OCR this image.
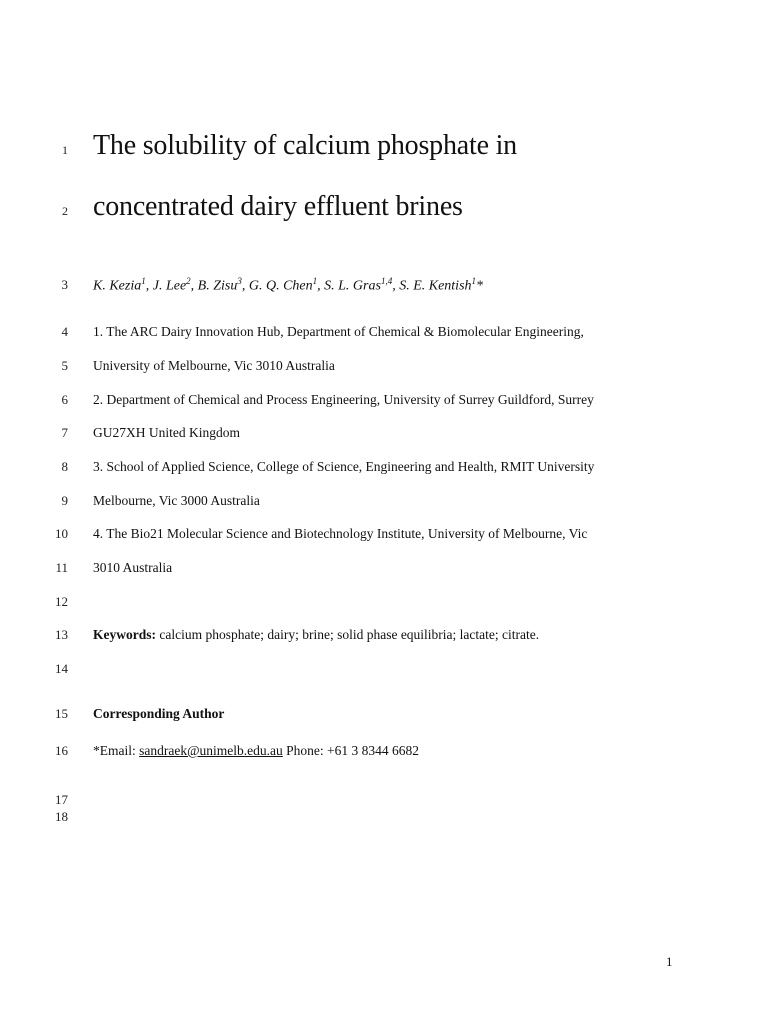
1
2
3
4
5
6
7
8
9
10
11
12
13
14
15
16
17
18
The solubility of calcium phosphate in
concentrated dairy effluent brines
K. Kezia$^1$, J. Lee$^2$, B. Zisu$^3$, G. Q. Chen$^1$, S. L. Gras$^{1,4}$, S. E. Kentish$^1$*
1. The ARC Dairy Innovation Hub, Department of Chemical & Biomolecular Engineering,
University of Melbourne, Vic 3010 Australia
2. Department of Chemical and Process Engineering, University of Surrey Guildford, Surrey
GU27XH United Kingdom
3. School of Applied Science, College of Science, Engineering and Health, RMIT University
Melbourne, Vic 3000 Australia
4. The Bio21 Molecular Science and Biotechnology Institute, University of Melbourne, Vic
3010 Australia
Keywords: calcium phosphate; dairy; brine; solid phase equilibria; lactate; citrate.
Corresponding Author
*Email: sandraek@unimelb.edu.au Phone: +61 3 8344 6682
1
